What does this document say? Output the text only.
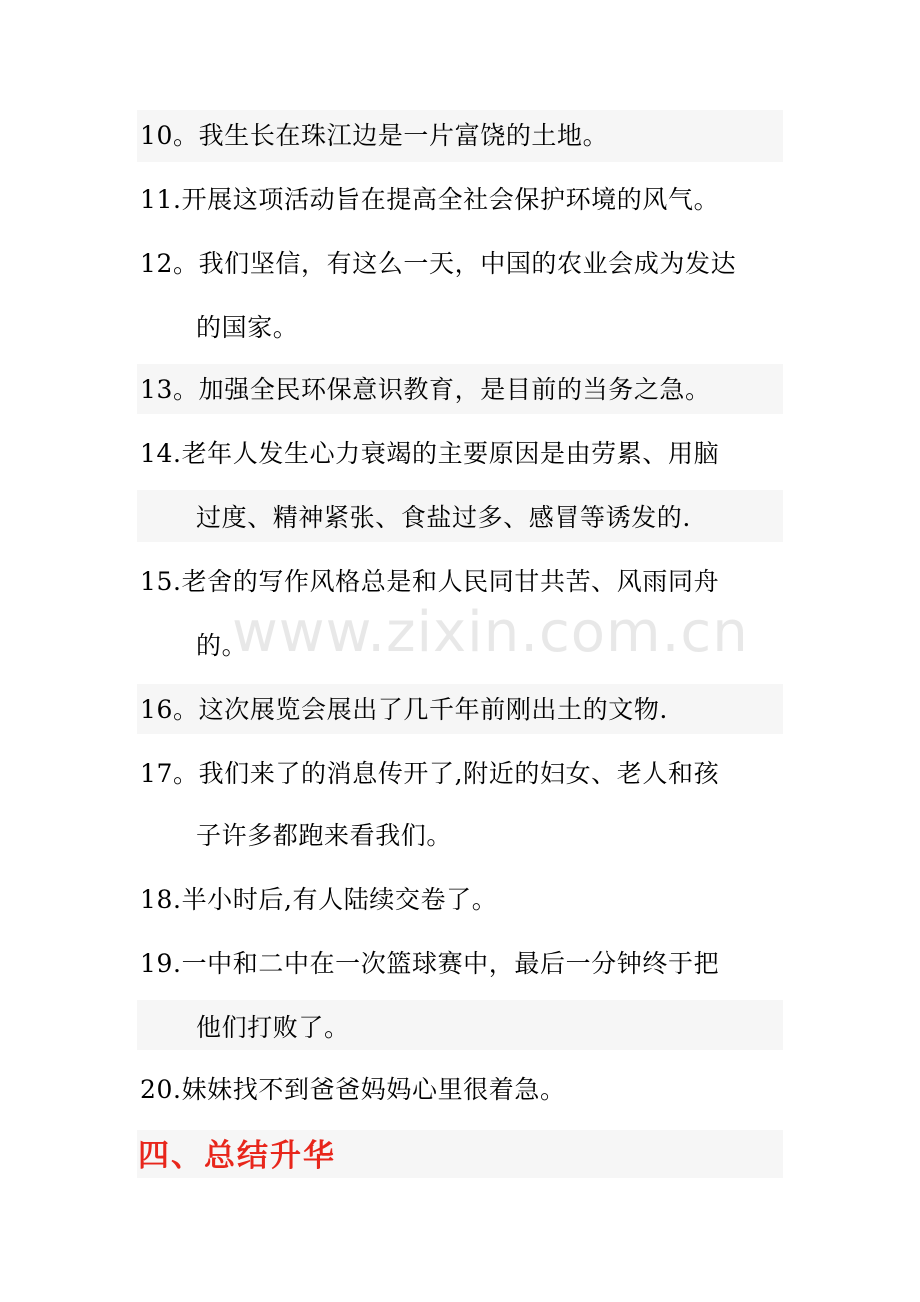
10。我生长在珠江边是一片富饶的土地。
11.开展这项活动旨在提高全社会保护环境的风气。
12。我们坚信，有这么一天，中国的农业会成为发达
的国家。
13。加强全民环保意识教育，是目前的当务之急。
14.老年人发生心力衰竭的主要原因是由劳累、用脑
过度、精神紧张、食盐过多、感冒等诱发的.
15.老舍的写作风格总是和人民同甘共苦、风雨同舟
的。
16。这次展览会展出了几千年前刚出土的文物.
17。我们来了的消息传开了,附近的妇女、老人和孩
子许多都跑来看我们。
18.半小时后,有人陆续交卷了。
19.一中和二中在一次篮球赛中，最后一分钟终于把
他们打败了。
20.妹妹找不到爸爸妈妈心里很着急。
四、总结升华
www.zixin.com.cn
